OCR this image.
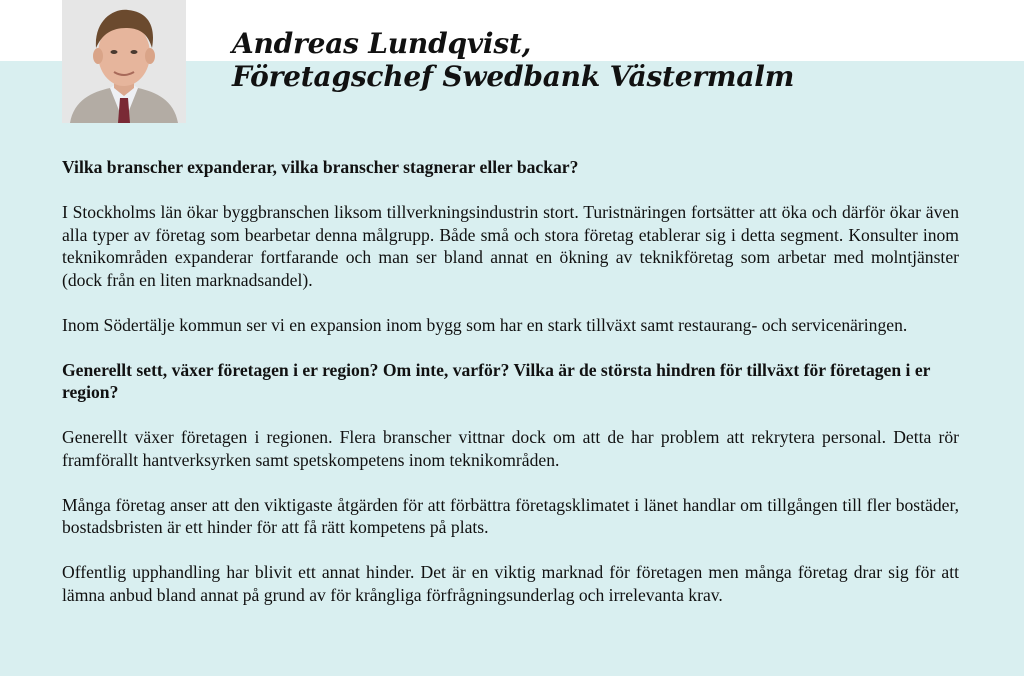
Andreas Lundqvist,
Företagschef Swedbank Västermalm

Vilka branscher expanderar, vilka branscher stagnerar eller backar?

I Stockholms län ökar byggbranschen liksom tillverkningsindustrin stort. Turistnäringen fortsätter att öka och därför ökar även alla typer av företag som bearbetar denna målgrupp. Både små och stora företag etablerar sig i detta segment. Konsulter inom teknikområden expanderar fortfarande och man ser bland annat en ökning av teknikföretag som arbetar med molntjänster (dock från en liten marknadsandel).

Inom Södertälje kommun ser vi en expansion inom bygg som har en stark tillväxt samt restaurang- och servicenäringen.

Generellt sett, växer företagen i er region? Om inte, varför? Vilka är de största hindren för tillväxt för företagen i er region?

Generellt växer företagen i regionen. Flera branscher vittnar dock om att de har problem att rekrytera personal. Detta rör framförallt hantverksyrken samt spetskompetens inom teknikområden.

Många företag anser att den viktigaste åtgärden för att förbättra företagsklimatet i länet handlar om tillgången till fler bostäder, bostadsbristen är ett hinder för att få rätt kompetens på plats.

Offentlig upphandling har blivit ett annat hinder. Det är en viktig marknad för företagen men många företag drar sig för att lämna anbud bland annat på grund av för krångliga förfrågningsunderlag och irrelevanta krav.
